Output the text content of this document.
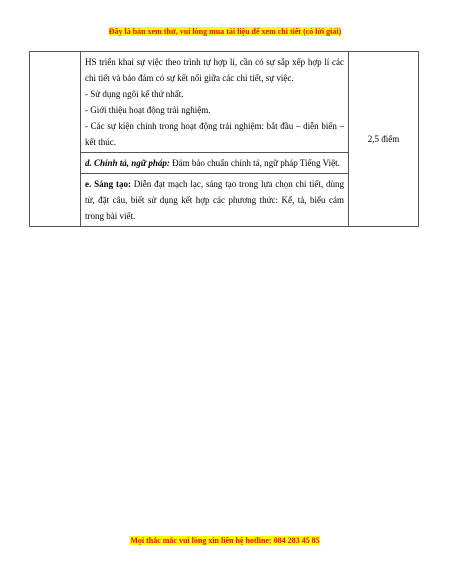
Đây là bản xem thử, vui lòng mua tài liệu để xem chi tiết (có lời giải)

HS triển khai sự việc theo trình tự hợp lí, cần có sự sắp xếp hợp lí các chi tiết và bảo đảm có sự kết nối giữa các chi tiết, sự việc.
- Sử dụng ngôi kể thứ nhất.
- Giới thiệu hoạt động trải nghiệm.
- Các sự kiện chính trong hoạt động trải nghiệm: bắt đầu – diễn biến – kết thúc.	2,5 điểm
d. Chính tả, ngữ pháp: Đảm bảo chuẩn chính tả, ngữ pháp Tiếng Việt.
e. Sáng tạo: Diễn đạt mạch lạc, sáng tạo trong lựa chọn chi tiết, dùng từ, đặt câu, biết sử dụng kết hợp các phương thức: Kể, tả, biểu cảm trong bài viết.
Mọi thắc mắc vui lòng xin liên hệ hotline: 084 283 45 85
